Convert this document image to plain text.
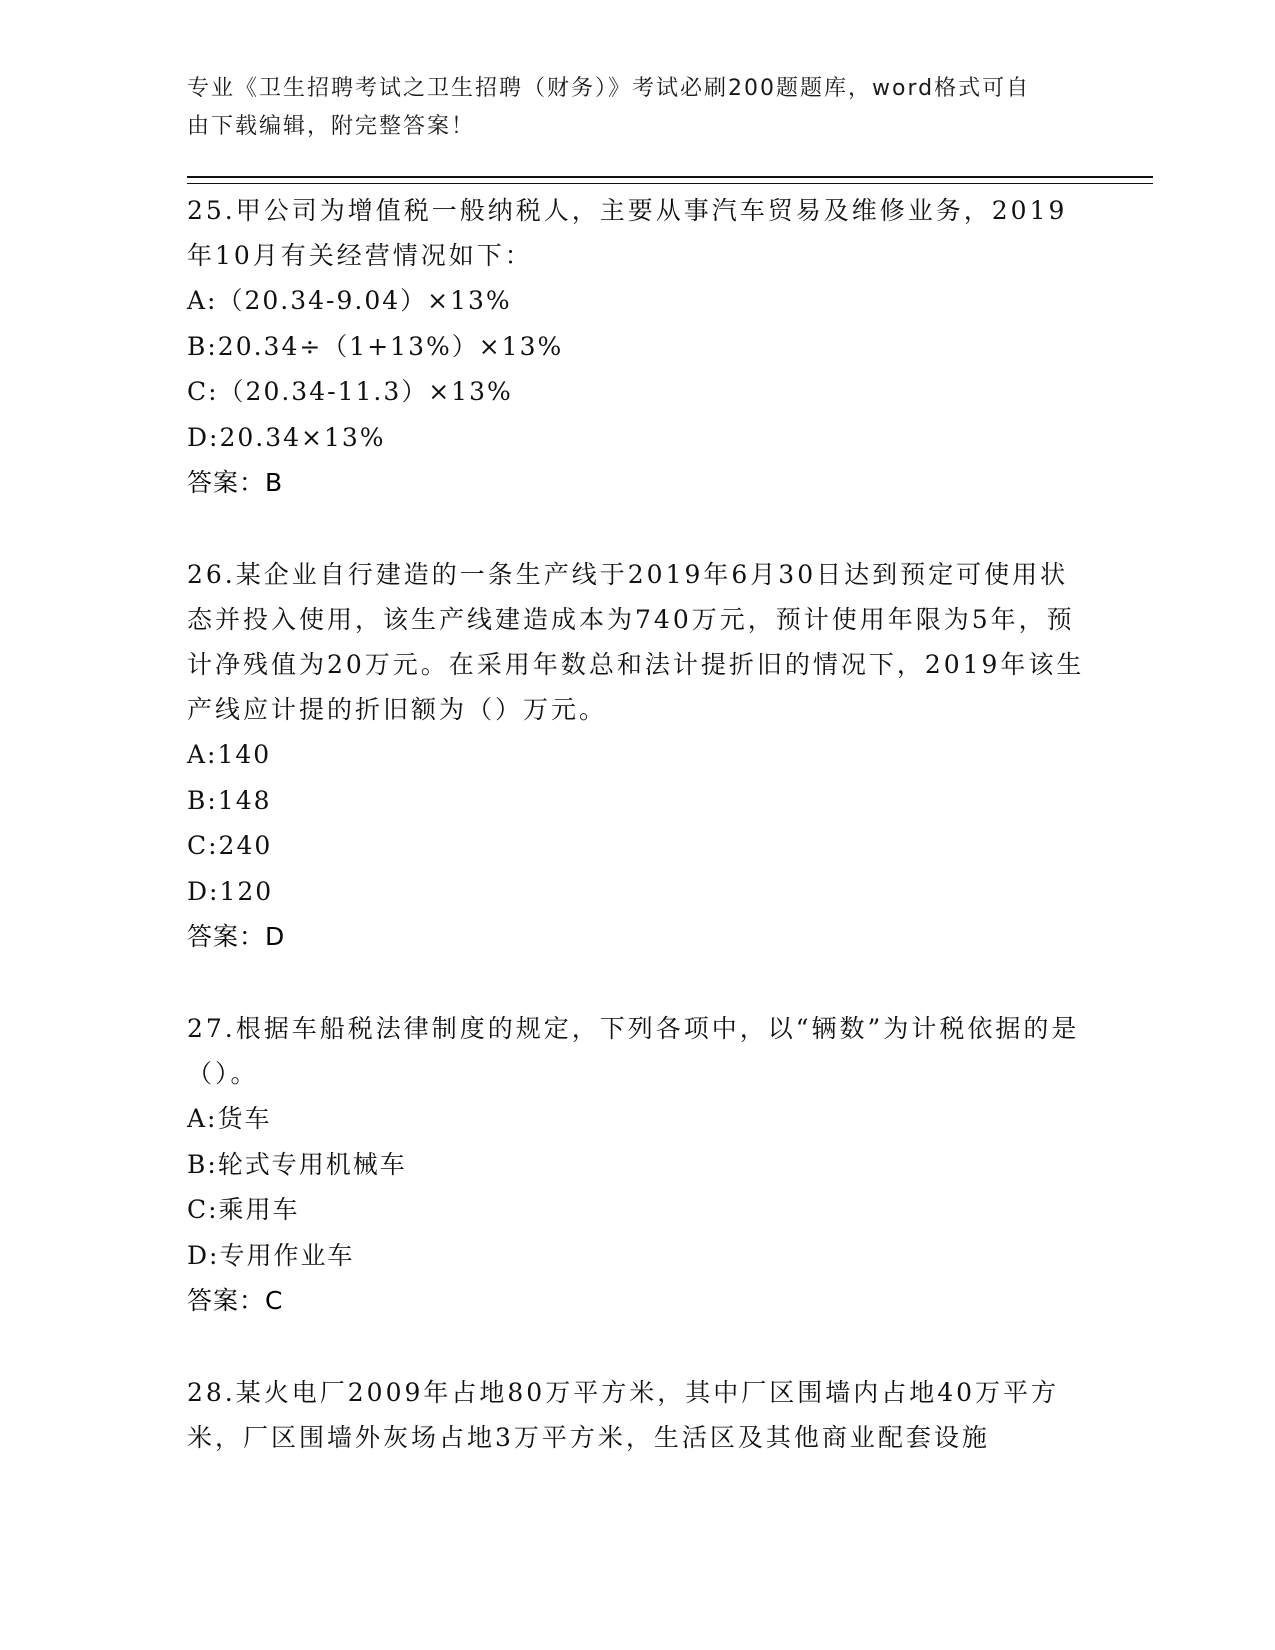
专业《卫生招聘考试之卫生招聘（财务）》考试必刷200题题库，word格式可自
由下载编辑，附完整答案！

25.甲公司为增值税一般纳税人，主要从事汽车贸易及维修业务，2019年10月有关经营情况如下：

A:（20.34-9.04）×13%

B:20.34÷（1+13%）×13%

C:（20.34-11.3）×13%

D:20.34×13%

答案：B

26.某企业自行建造的一条生产线于2019年6月30日达到预定可使用状态并投入使用，该生产线建造成本为740万元，预计使用年限为5年，预计净残值为20万元。在采用年数总和法计提折旧的情况下，2019年该生产线应计提的折旧额为（）万元。

A:140

B:148

C:240

D:120

答案：D

27.根据车船税法律制度的规定，下列各项中，以“辆数”为计税依据的是（）。

A:货车

B:轮式专用机械车

C:乘用车

D:专用作业车

答案：C

28.某火电厂2009年占地80万平方米，其中厂区围墙内占地40万平方米，厂区围墙外灰场占地3万平方米，生活区及其他商业配套设施
